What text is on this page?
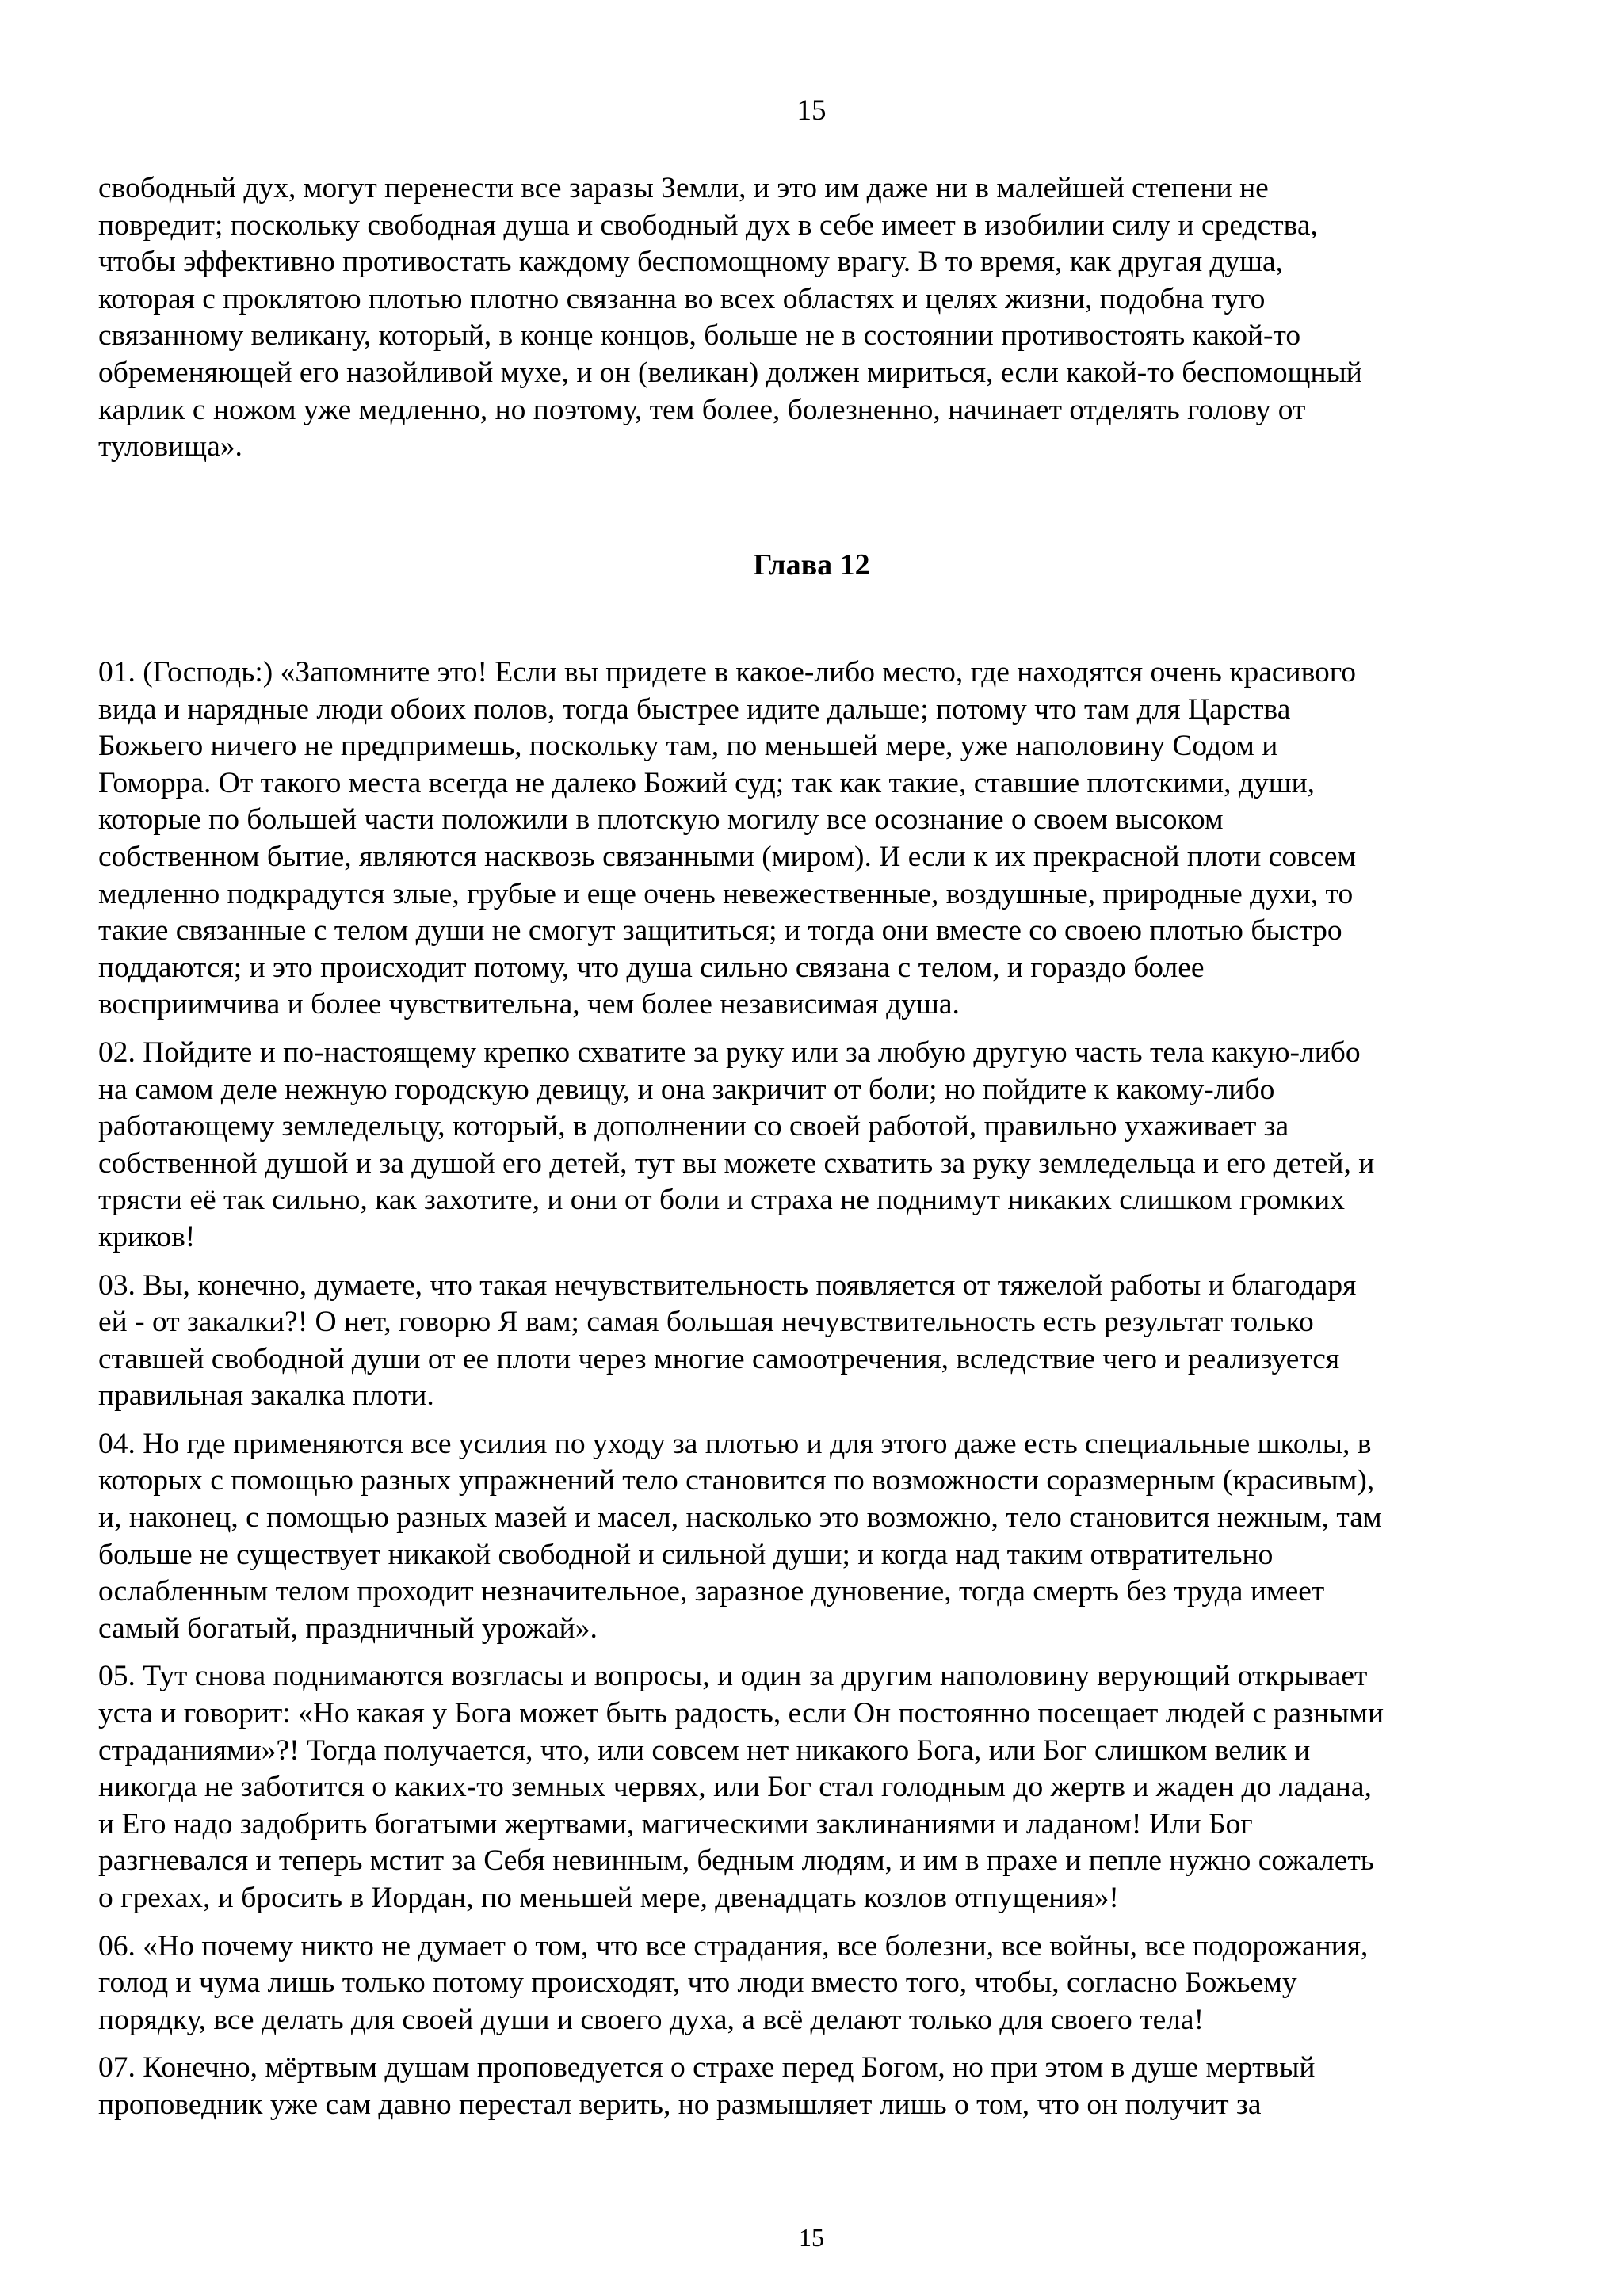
15

свободный дух, могут перенести все заразы Земли, и это им даже ни в малейшей степени не
повредит; поскольку свободная душа и свободный дух в себе имеет в изобилии силу и средства,
чтобы эффективно противостать каждому беспомощному врагу. В то время, как другая душа,
которая с проклятою плотью плотно связанна во всех областях и целях жизни, подобна туго
связанному великану, который, в конце концов, больше не в состоянии противостоять какой-то
обременяющей его назойливой мухе, и он (великан) должен мириться, если какой-то беспомощный
карлик с ножом уже медленно, но поэтому, тем более, болезненно, начинает отделять голову от
туловища».

Глава 12

01. (Господь:) «Запомните это! Если вы придете в какое-либо место, где находятся очень красивого
вида и нарядные люди обоих полов, тогда быстрее идите дальше; потому что там для Царства
Божьего ничего не предпримешь, поскольку там, по меньшей мере, уже наполовину Содом и
Гоморра. От такого места всегда не далеко Божий суд; так как такие, ставшие плотскими, души,
которые по большей части положили в плотскую могилу все осознание о своем высоком
собственном бытие, являются насквозь связанными (миром). И если к их прекрасной плоти совсем
медленно подкрадутся злые, грубые и еще очень невежественные, воздушные, природные духи, то
такие связанные с телом души не смогут защититься; и тогда они вместе со своею плотью быстро
поддаются; и это происходит потому, что душа сильно связана с телом, и гораздо более
восприимчива и более чувствительна, чем более независимая душа.

02. Пойдите и по-настоящему крепко схватите за руку или за любую другую часть тела какую-либо
на самом деле нежную городскую девицу, и она закричит от боли; но пойдите к какому-либо
работающему земледельцу, который, в дополнении со своей работой, правильно ухаживает за
собственной душой и за душой его детей, тут вы можете схватить за руку земледельца и его детей, и
трясти её так сильно, как захотите, и они от боли и страха не поднимут никаких слишком громких
криков!

03. Вы, конечно, думаете, что такая нечувствительность появляется от тяжелой работы и благодаря
ей - от закалки?! О нет, говорю Я вам; самая большая нечувствительность есть результат только
ставшей свободной души от ее плоти через многие самоотречения, вследствие чего и реализуется
правильная закалка плоти.

04. Но где применяются все усилия по уходу за плотью и для этого даже есть специальные школы, в
которых с помощью разных упражнений тело становится по возможности соразмерным (красивым),
и, наконец, с помощью разных мазей и масел, насколько это возможно, тело становится нежным, там
больше не существует никакой свободной и сильной души; и когда над таким отвратительно
ослабленным телом проходит незначительное, заразное дуновение, тогда смерть без труда имеет
самый богатый, праздничный урожай».

05. Тут снова поднимаются возгласы и вопросы, и один за другим наполовину верующий открывает
уста и говорит: «Но какая у Бога может быть радость, если Он постоянно посещает людей с разными
страданиями»?! Тогда получается, что, или совсем нет никакого Бога, или Бог слишком велик и
никогда не заботится о каких-то земных червях, или Бог стал голодным до жертв и жаден до ладана,
и Его надо задобрить богатыми жертвами, магическими заклинаниями и ладаном! Или Бог
разгневался и теперь мстит за Себя невинным, бедным людям, и им в прахе и пепле нужно сожалеть
о грехах, и бросить в Иордан, по меньшей мере, двенадцать козлов отпущения»!

06. «Но почему никто не думает о том, что все страдания, все болезни, все войны, все подорожания,
голод и чума лишь только потому происходят, что люди вместо того, чтобы, согласно Божьему
порядку, все делать для своей души и своего духа, а всё делают только для своего тела!

07. Конечно, мёртвым душам проповедуется о страхе перед Богом, но при этом в душе мертвый
проповедник уже сам давно перестал верить, но размышляет лишь о том, что он получит за

15
